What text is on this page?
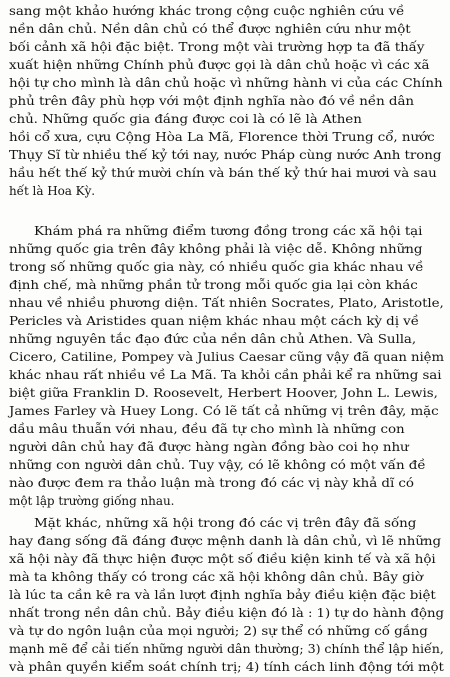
sang một khảo hướng khác trong cộng cuộc nghiên cứu về
nền dân chủ. Nền dân chủ có thể được nghiên cứu như một
bối cảnh xã hội đặc biệt. Trong một vài trường hợp ta đã thấy
xuất hiện những Chính phủ được gọi là dân chủ hoặc vì các xã
hội tự cho mình là dân chủ hoặc vì những hành vi của các Chính
phủ trên đây phù hợp với một định nghĩa nào đó về nền dân
chủ. Những quốc gia đáng được coi là có lẽ là Athen
hồi cổ xưa, cựu Cộng Hòa La Mã, Florence thời Trung cổ, nước
Thụy Sĩ từ nhiều thế kỷ tới nay, nước Pháp cùng nước Anh trong
hầu hết thế kỷ thứ mười chín và bán thế kỷ thứ hai mươi và sau
hết là Hoa Kỳ.
Khám phá ra những điểm tương đồng trong các xã hội tại
những quốc gia trên đây không phải là việc dễ. Không những
trong số những quốc gia này, có nhiều quốc gia khác nhau về
định chế, mà những phần tử trong mỗi quốc gia lại còn khác
nhau về nhiều phương diện. Tất nhiên Socrates, Plato, Aristotle,
Pericles và Aristides quan niệm khác nhau một cách kỳ dị về
những nguyên tắc đạo đức của nền dân chủ Athen. Và Sulla,
Cicero, Catiline, Pompey và Julius Caesar cũng vậy đã quan niệm
khác nhau rất nhiều về La Mã. Ta khỏi cần phải kể ra những sai
biệt giữa Franklin D. Roosevelt, Herbert Hoover, John L. Lewis,
James Farley và Huey Long. Có lẽ tất cả những vị trên đây, mặc
dầu mâu thuẫn với nhau, đều đã tự cho mình là những con
người dân chủ hay đã được hàng ngàn đồng bào coi họ như
những con người dân chủ. Tuy vậy, có lẽ không có một vấn đề
nào được đem ra thảo luận mà trong đó các vị này khả dĩ có
một lập trường giống nhau.
Mặt khác, những xã hội trong đó các vị trên đây đã sống
hay đang sống đã đáng được mệnh danh là dân chủ, vì lẽ những
xã hội này đã thực hiện được một số điều kiện kinh tế và xã hội
mà ta không thấy có trong các xã hội không dân chủ. Bây giờ
là lúc ta cần kê ra và lần lượt định nghĩa bảy điều kiện đặc biệt
nhất trong nền dân chủ. Bảy điều kiện đó là : 1) tự do hành động
và tự do ngôn luận của mọi người; 2) sự thể có những cố gắng
mạnh mẽ để cải tiến những người dân thường; 3) chính thể lập hiến,
và phân quyền kiểm soát chính trị; 4) tính cách linh động tới một
